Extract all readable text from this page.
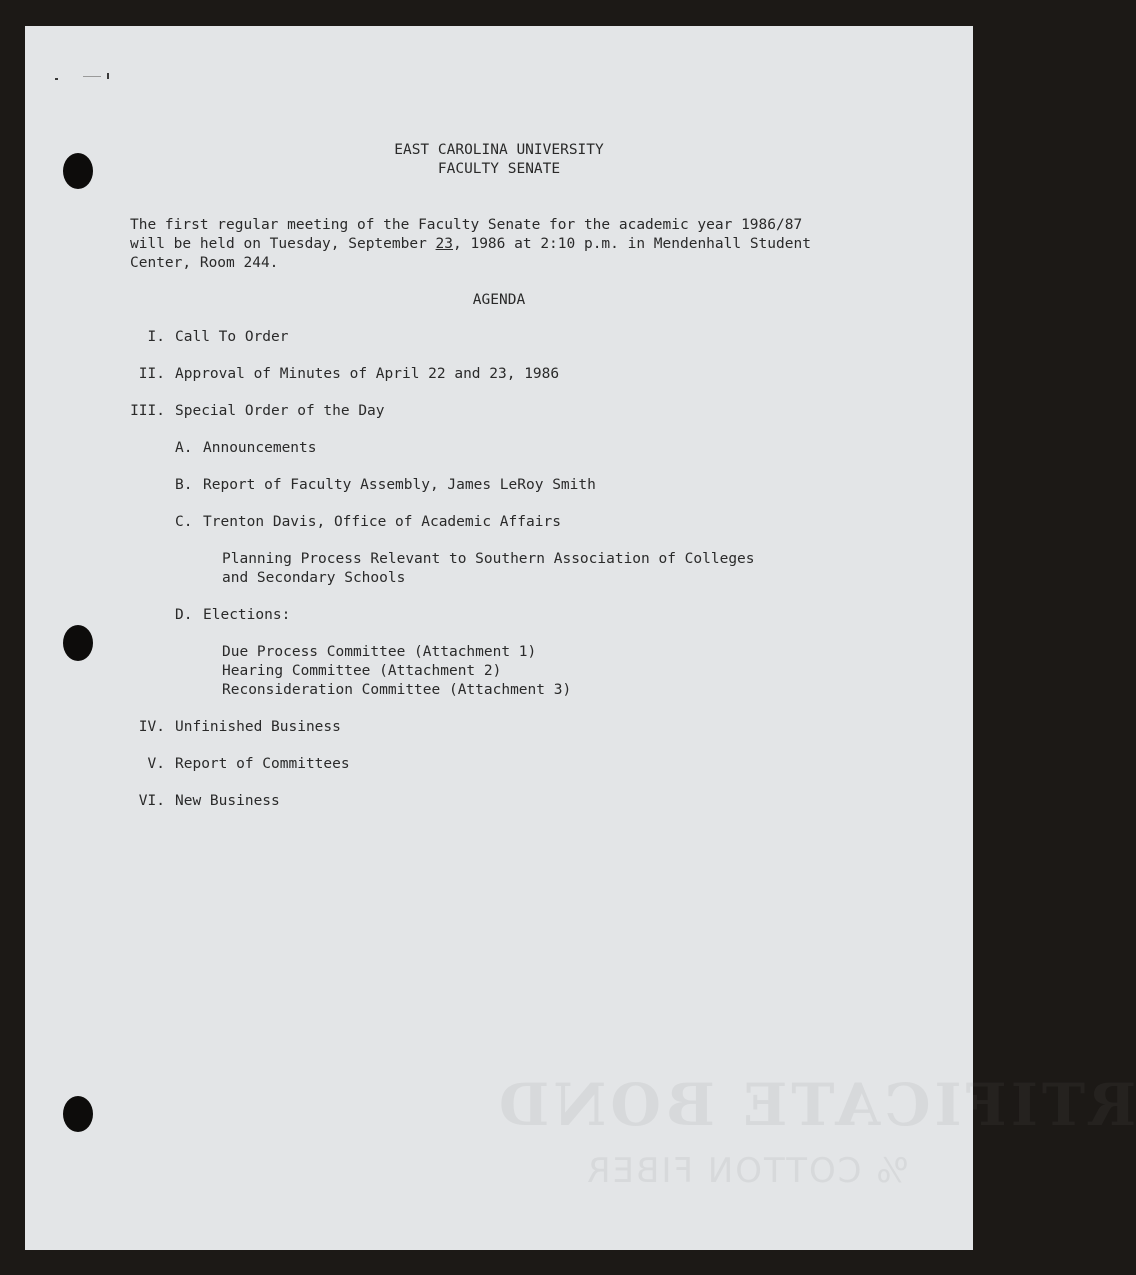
RTIFICATE BOND
% COTTON FIBER
EAST CAROLINA UNIVERSITY
FACULTY SENATE
The first regular meeting of the Faculty Senate for the academic year 1986/87
will be held on Tuesday, September 23, 1986 at 2:10 p.m. in Mendenhall Student
Center, Room 244.
AGENDA
I. Call To Order
II. Approval of Minutes of April 22 and 23, 1986
III. Special Order of the Day
A. Announcements
B. Report of Faculty Assembly, James LeRoy Smith
C. Trenton Davis, Office of Academic Affairs
Planning Process Relevant to Southern Association of Colleges
and Secondary Schools
D. Elections:
Due Process Committee (Attachment 1)
Hearing Committee (Attachment 2)
Reconsideration Committee (Attachment 3)
IV. Unfinished Business
V. Report of Committees
VI. New Business
